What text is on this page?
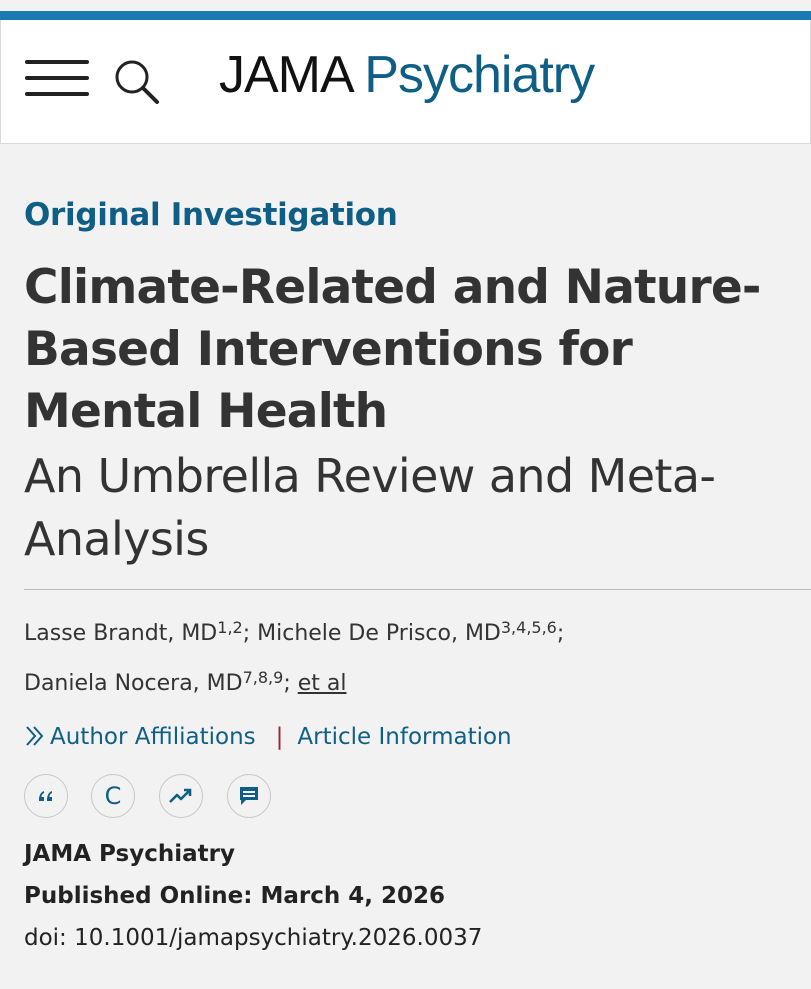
JAMA Psychiatry
Original Investigation
Climate-Related and Nature-Based Interventions for Mental Health
An Umbrella Review and Meta-Analysis
Lasse Brandt, MD$^{1,2}$; Michele De Prisco, MD$^{3,4,5,6}$;
Daniela Nocera, MD$^{7,8,9}$; et al
Author Affiliations | Article Information
C
JAMA Psychiatry
Published Online: March 4, 2026
doi: 10.1001/jamapsychiatry.2026.0037
